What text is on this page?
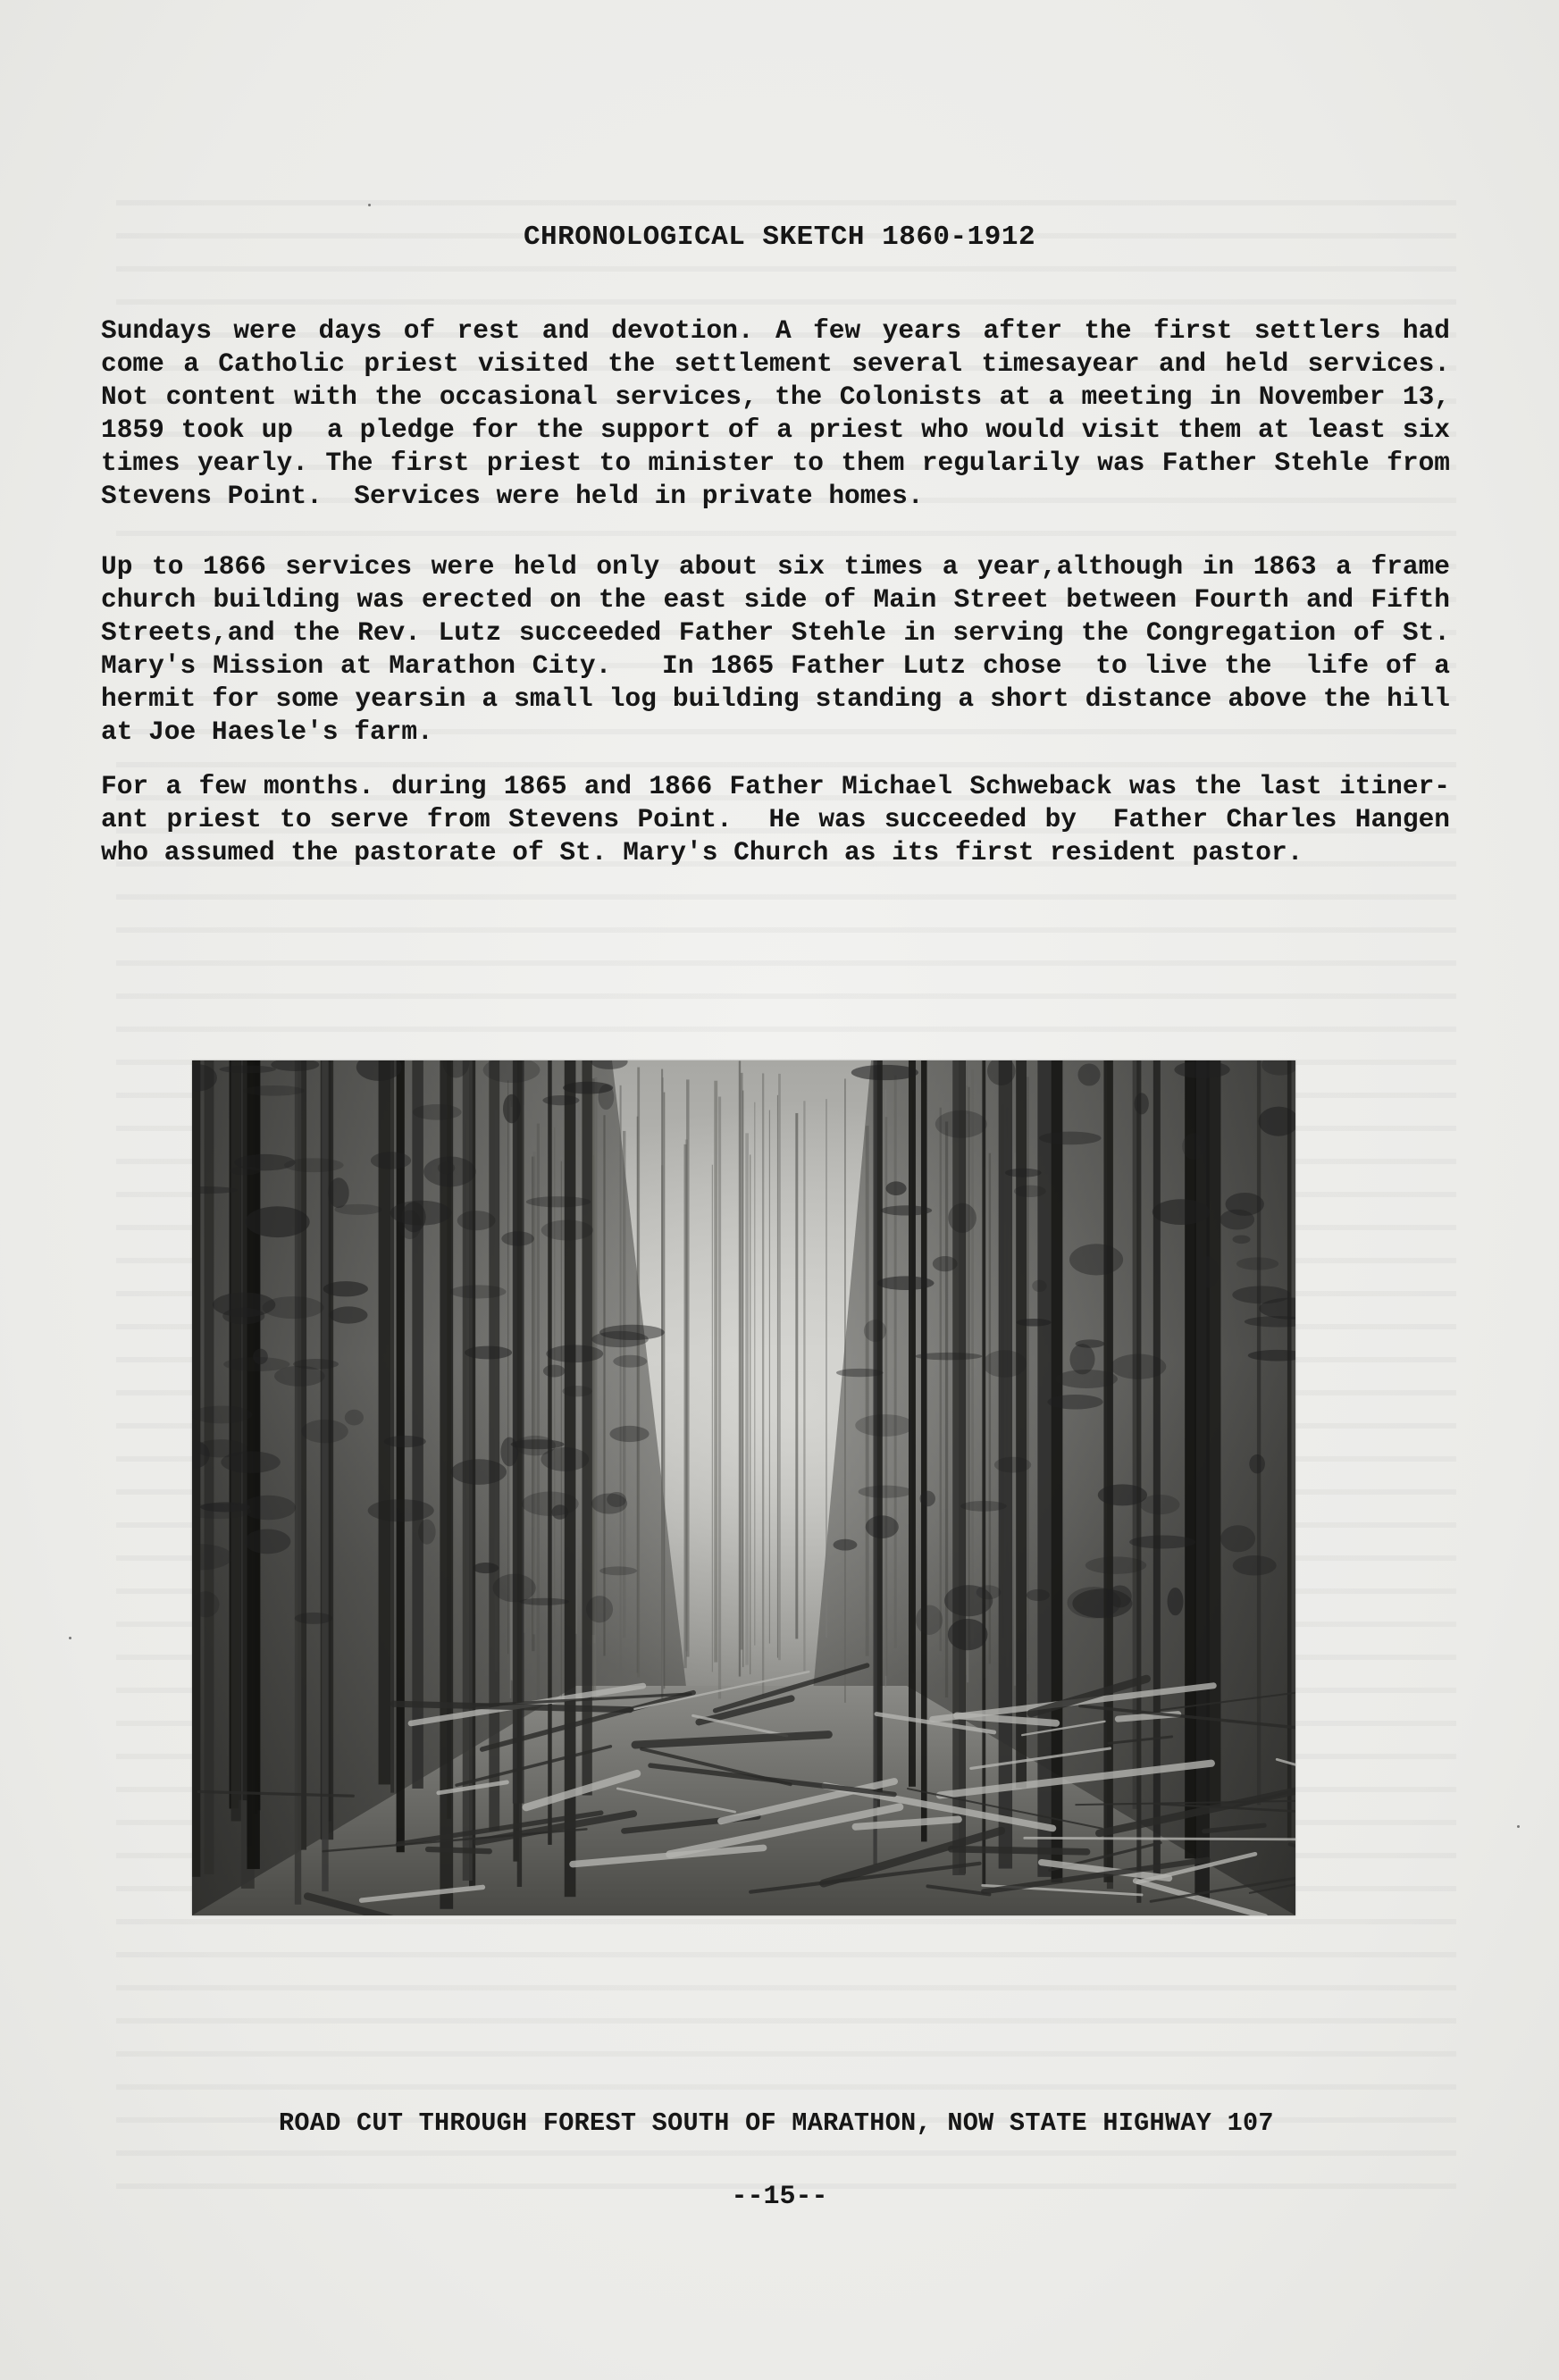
CHRONOLOGICAL SKETCH 1860-1912
Sundays were days of rest and devotion. A few years after the first settlers had
come a Catholic priest visited the settlement several timesayear and held services.
Not content with the occasional services, the Colonists at a meeting in November 13,
1859 took up  a pledge for the support of a priest who would visit them at least six
times yearly. The first priest to minister to them regularily was Father Stehle from
Stevens Point.  Services were held in private homes.
Up to 1866 services were held only about six times a year,although in 1863 a frame
church building was erected on the east side of Main Street between Fourth and Fifth
Streets,and the Rev. Lutz succeeded Father Stehle in serving the Congregation of St.
Mary's Mission at Marathon City.   In 1865 Father Lutz chose  to live the  life of a
hermit for some yearsin a small log building standing a short distance above the hill
at Joe Haesle's farm.
For a few months. during 1865 and 1866 Father Michael Schweback was the last itiner-
ant priest to serve from Stevens Point.  He was succeeded by  Father Charles Hangen
who assumed the pastorate of St. Mary's Church as its first resident pastor.
ROAD CUT THROUGH FOREST SOUTH OF MARATHON, NOW STATE HIGHWAY 107
--15--
